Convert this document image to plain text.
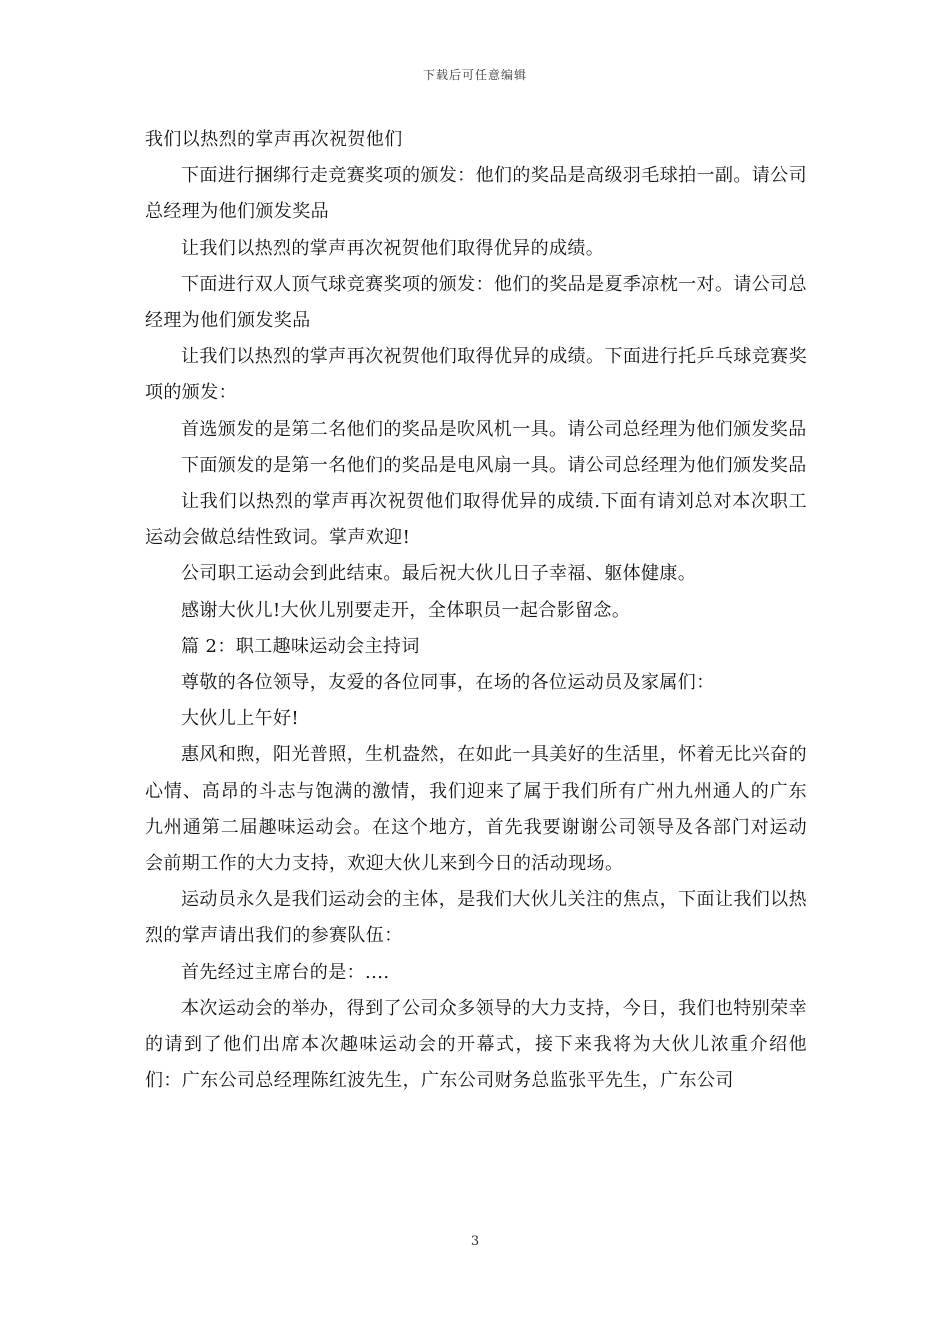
下载后可任意编辑

我们以热烈的掌声再次祝贺他们

下面进行捆绑行走竞赛奖项的颁发：他们的奖品是高级羽毛球拍一副。请公司总经理为他们颁发奖品

让我们以热烈的掌声再次祝贺他们取得优异的成绩。

下面进行双人顶气球竞赛奖项的颁发：他们的奖品是夏季凉枕一对。请公司总经理为他们颁发奖品

让我们以热烈的掌声再次祝贺他们取得优异的成绩。下面进行托乒乓球竞赛奖项的颁发：

首选颁发的是第二名他们的奖品是吹风机一具。请公司总经理为他们颁发奖品

下面颁发的是第一名他们的奖品是电风扇一具。请公司总经理为他们颁发奖品

让我们以热烈的掌声再次祝贺他们取得优异的成绩.下面有请刘总对本次职工运动会做总结性致词。掌声欢迎!

公司职工运动会到此结束。最后祝大伙儿日子幸福、躯体健康。

感谢大伙儿!大伙儿别要走开，全体职员一起合影留念。

篇 2：职工趣味运动会主持词

尊敬的各位领导，友爱的各位同事，在场的各位运动员及家属们：

大伙儿上午好!

惠风和煦，阳光普照，生机盎然，在如此一具美好的生活里，怀着无比兴奋的心情、高昂的斗志与饱满的激情，我们迎来了属于我们所有广州九州通人的广东九州通第二届趣味运动会。在这个地方，首先我要谢谢公司领导及各部门对运动会前期工作的大力支持，欢迎大伙儿来到今日的活动现场。

运动员永久是我们运动会的主体，是我们大伙儿关注的焦点，下面让我们以热烈的掌声请出我们的参赛队伍：

首先经过主席台的是：....

本次运动会的举办，得到了公司众多领导的大力支持，今日，我们也特别荣幸的请到了他们出席本次趣味运动会的开幕式，接下来我将为大伙儿浓重介绍他们：广东公司总经理陈红波先生，广东公司财务总监张平先生，广东公司

3
